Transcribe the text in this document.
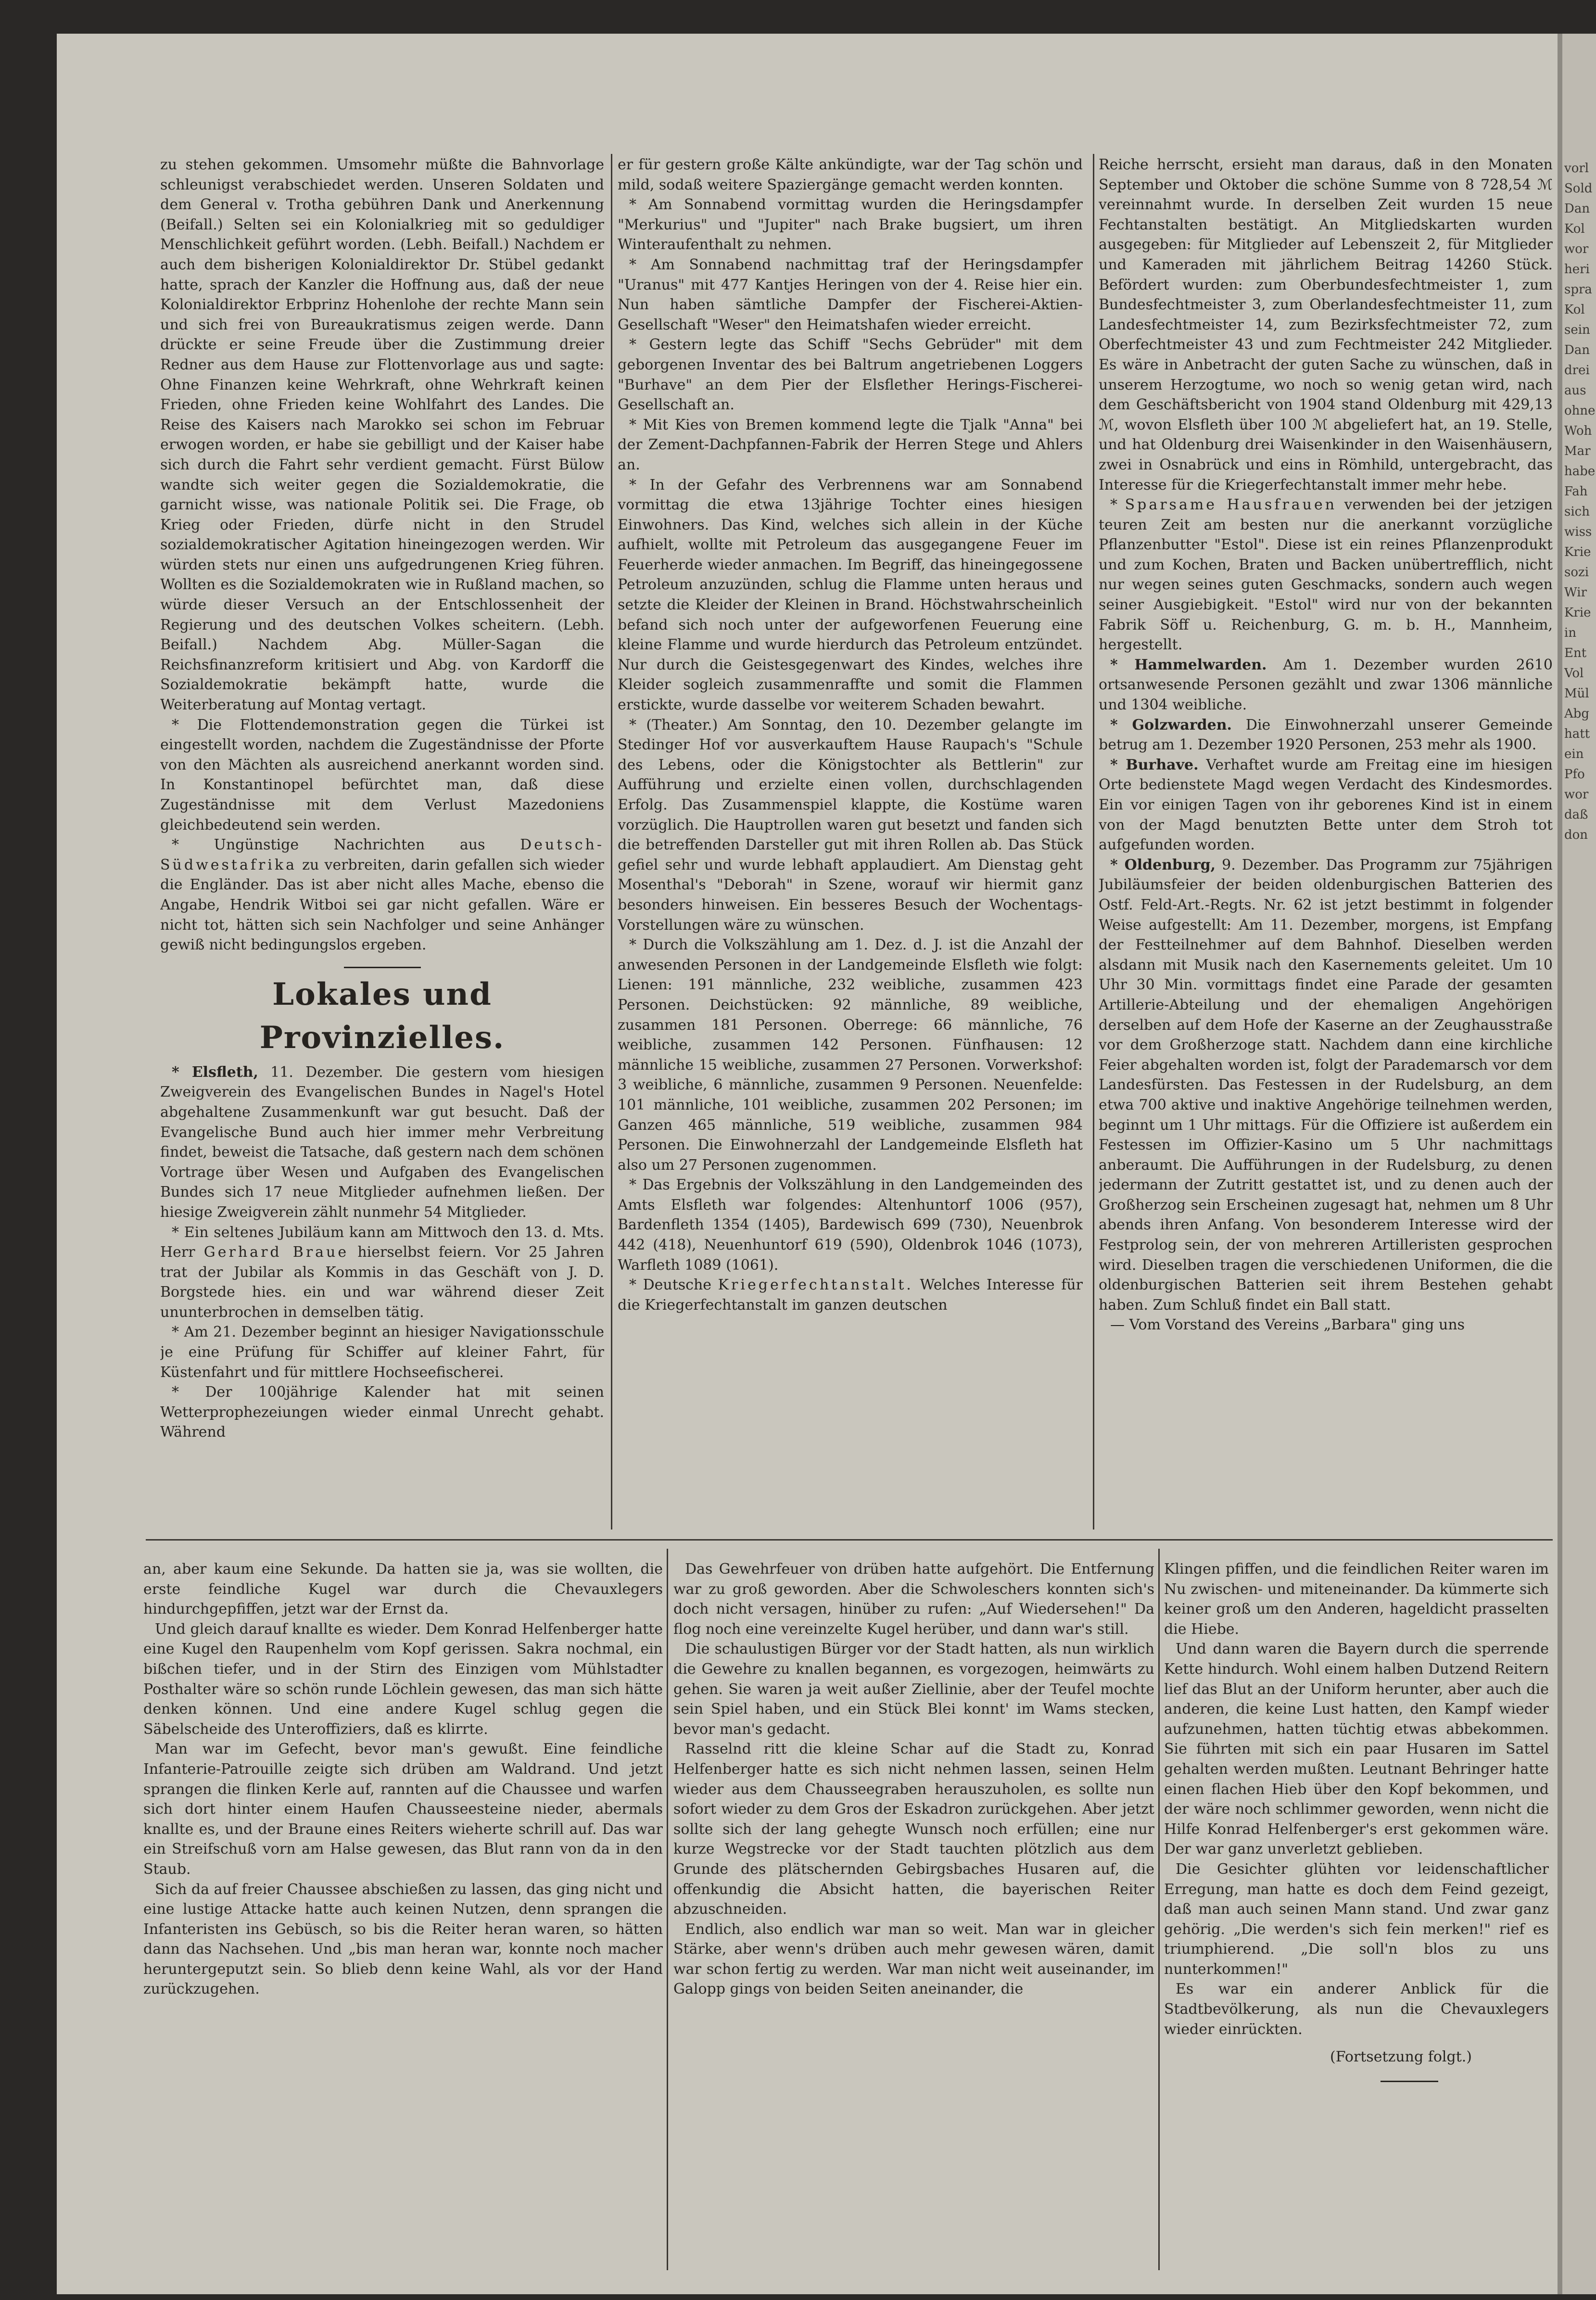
zu stehen gekommen. Umsomehr müßte die Bahnvorlage schleunigst verabschiedet werden. Unseren Soldaten und dem General v. Trotha gebühren Dank und Anerkennung (Beifall.) Selten sei ein Kolonialkrieg mit so geduldiger Menschlichkeit geführt worden. (Lebh. Beifall.) Nachdem er auch dem bisherigen Kolonialdirektor Dr. Stübel gedankt hatte, sprach der Kanzler die Hoffnung aus, daß der neue Kolonialdirektor Erbprinz Hohenlohe der rechte Mann sein und sich frei von Bureaukratismus zeigen werde. Dann drückte er seine Freude über die Zustimmung dreier Redner aus dem Hause zur Flottenvorlage aus und sagte: Ohne Finanzen keine Wehrkraft, ohne Wehrkraft keinen Frieden, ohne Frieden keine Wohlfahrt des Landes. Die Reise des Kaisers nach Marokko sei schon im Februar erwogen worden, er habe sie gebilligt und der Kaiser habe sich durch die Fahrt sehr verdient gemacht. Fürst Bülow wandte sich weiter gegen die Sozialdemokratie, die garnicht wisse, was nationale Politik sei. Die Frage, ob Krieg oder Frieden, dürfe nicht in den Strudel sozialdemokratischer Agitation hineingezogen werden. Wir würden stets nur einen uns aufgedrungenen Krieg führen. Wollten es die Sozialdemokraten wie in Rußland machen, so würde dieser Versuch an der Entschlossenheit der Regierung und des deutschen Volkes scheitern. (Lebh. Beifall.) Nachdem Abg. Müller-Sagan die Reichsfinanzreform kritisiert und Abg. von Kardorff die Sozialdemokratie bekämpft hatte, wurde die Weiterberatung auf Montag vertagt.

* Die Flottendemonstration gegen die Türkei ist eingestellt worden, nachdem die Zugeständnisse der Pforte von den Mächten als ausreichend anerkannt worden sind. In Konstantinopel befürchtet man, daß diese Zugeständnisse mit dem Verlust Mazedoniens gleichbedeutend sein werden.

* Ungünstige Nachrichten aus Deutsch-Südwestafrika zu verbreiten, darin gefallen sich wieder die Engländer. Das ist aber nicht alles Mache, ebenso die Angabe, Hendrik Witboi sei gar nicht gefallen. Wäre er nicht tot, hätten sich sein Nachfolger und seine Anhänger gewiß nicht bedingungslos ergeben.

Lokales und Provinzielles.

* Elsfleth, 11. Dezember. Die gestern vom hiesigen Zweigverein des Evangelischen Bundes in Nagel's Hotel abgehaltene Zusammenkunft war gut besucht. Daß der Evangelische Bund auch hier immer mehr Verbreitung findet, beweist die Tatsache, daß gestern nach dem schönen Vortrage über Wesen und Aufgaben des Evangelischen Bundes sich 17 neue Mitglieder aufnehmen ließen. Der hiesige Zweigverein zählt nunmehr 54 Mitglieder.

* Ein seltenes Jubiläum kann am Mittwoch den 13. d. Mts. Herr Gerhard Braue hierselbst feiern. Vor 25 Jahren trat der Jubilar als Kommis in das Geschäft von J. D. Borgstede hies. ein und war während dieser Zeit ununterbrochen in demselben tätig.

* Am 21. Dezember beginnt an hiesiger Navigationsschule je eine Prüfung für Schiffer auf kleiner Fahrt, für Küstenfahrt und für mittlere Hochseefischerei.

* Der 100jährige Kalender hat mit seinen Wetterprophezeiungen wieder einmal Unrecht gehabt. Während

er für gestern große Kälte ankündigte, war der Tag schön und mild, sodaß weitere Spaziergänge gemacht werden konnten.

* Am Sonnabend vormittag wurden die Heringsdampfer "Merkurius" und "Jupiter" nach Brake bugsiert, um ihren Winteraufenthalt zu nehmen.

* Am Sonnabend nachmittag traf der Heringsdampfer "Uranus" mit 477 Kantjes Heringen von der 4. Reise hier ein. Nun haben sämtliche Dampfer der Fischerei-Aktien-Gesellschaft "Weser" den Heimatshafen wieder erreicht.

* Gestern legte das Schiff "Sechs Gebrüder" mit dem geborgenen Inventar des bei Baltrum angetriebenen Loggers "Burhave" an dem Pier der Elsflether Herings-Fischerei-Gesellschaft an.

* Mit Kies von Bremen kommend legte die Tjalk "Anna" bei der Zement-Dachpfannen-Fabrik der Herren Stege und Ahlers an.

* In der Gefahr des Verbrennens war am Sonnabend vormittag die etwa 13jährige Tochter eines hiesigen Einwohners. Das Kind, welches sich allein in der Küche aufhielt, wollte mit Petroleum das ausgegangene Feuer im Feuerherde wieder anmachen. Im Begriff, das hineingegossene Petroleum anzuzünden, schlug die Flamme unten heraus und setzte die Kleider der Kleinen in Brand. Höchstwahrscheinlich befand sich noch unter der aufgeworfenen Feuerung eine kleine Flamme und wurde hierdurch das Petroleum entzündet. Nur durch die Geistesgegenwart des Kindes, welches ihre Kleider sogleich zusammenraffte und somit die Flammen erstickte, wurde dasselbe vor weiterem Schaden bewahrt.

* (Theater.) Am Sonntag, den 10. Dezember gelangte im Stedinger Hof vor ausverkauftem Hause Raupach's "Schule des Lebens, oder die Königstochter als Bettlerin" zur Aufführung und erzielte einen vollen, durchschlagenden Erfolg. Das Zusammenspiel klappte, die Kostüme waren vorzüglich. Die Hauptrollen waren gut besetzt und fanden sich die betreffenden Darsteller gut mit ihren Rollen ab. Das Stück gefiel sehr und wurde lebhaft applaudiert. Am Dienstag geht Mosenthal's "Deborah" in Szene, worauf wir hiermit ganz besonders hinweisen. Ein besseres Besuch der Wochentags-Vorstellungen wäre zu wünschen.

* Durch die Volkszählung am 1. Dez. d. J. ist die Anzahl der anwesenden Personen in der Landgemeinde Elsfleth wie folgt: Lienen: 191 männliche, 232 weibliche, zusammen 423 Personen. Deichstücken: 92 männliche, 89 weibliche, zusammen 181 Personen. Oberrege: 66 männliche, 76 weibliche, zusammen 142 Personen. Fünfhausen: 12 männliche 15 weibliche, zusammen 27 Personen. Vorwerkshof: 3 weibliche, 6 männliche, zusammen 9 Personen. Neuenfelde: 101 männliche, 101 weibliche, zusammen 202 Personen; im Ganzen 465 männliche, 519 weibliche, zusammen 984 Personen. Die Einwohnerzahl der Landgemeinde Elsfleth hat also um 27 Personen zugenommen.

* Das Ergebnis der Volkszählung in den Landgemeinden des Amts Elsfleth war folgendes: Altenhuntorf 1006 (957), Bardenfleth 1354 (1405), Bardewisch 699 (730), Neuenbrok 442 (418), Neuenhuntorf 619 (590), Oldenbrok 1046 (1073), Warfleth 1089 (1061).

* Deutsche Kriegerfechtanstalt. Welches Interesse für die Kriegerfechtanstalt im ganzen deutschen

Reiche herrscht, ersieht man daraus, daß in den Monaten September und Oktober die schöne Summe von 8 728,54 ℳ vereinnahmt wurde. In derselben Zeit wurden 15 neue Fechtanstalten bestätigt. An Mitgliedskarten wurden ausgegeben: für Mitglieder auf Lebenszeit 2, für Mitglieder und Kameraden mit jährlichem Beitrag 14260 Stück. Befördert wurden: zum Oberbundesfechtmeister 1, zum Bundesfechtmeister 3, zum Oberlandesfechtmeister 11, zum Landesfechtmeister 14, zum Bezirksfechtmeister 72, zum Oberfechtmeister 43 und zum Fechtmeister 242 Mitglieder. Es wäre in Anbetracht der guten Sache zu wünschen, daß in unserem Herzogtume, wo noch so wenig getan wird, nach dem Geschäftsbericht von 1904 stand Oldenburg mit 429,13 ℳ, wovon Elsfleth über 100 ℳ abgeliefert hat, an 19. Stelle, und hat Oldenburg drei Waisenkinder in den Waisenhäusern, zwei in Osnabrück und eins in Römhild, untergebracht, das Interesse für die Kriegerfechtanstalt immer mehr hebe.

* Sparsame Hausfrauen verwenden bei der jetzigen teuren Zeit am besten nur die anerkannt vorzügliche Pflanzenbutter "Estol". Diese ist ein reines Pflanzenprodukt und zum Kochen, Braten und Backen unübertrefflich, nicht nur wegen seines guten Geschmacks, sondern auch wegen seiner Ausgiebigkeit. "Estol" wird nur von der bekannten Fabrik Söff u. Reichenburg, G. m. b. H., Mannheim, hergestellt.

* Hammelwarden. Am 1. Dezember wurden 2610 ortsanwesende Personen gezählt und zwar 1306 männliche und 1304 weibliche.

* Golzwarden. Die Einwohnerzahl unserer Gemeinde betrug am 1. Dezember 1920 Personen, 253 mehr als 1900.

* Burhave. Verhaftet wurde am Freitag eine im hiesigen Orte bedienstete Magd wegen Verdacht des Kindesmordes. Ein vor einigen Tagen von ihr geborenes Kind ist in einem von der Magd benutzten Bette unter dem Stroh tot aufgefunden worden.

* Oldenburg, 9. Dezember. Das Programm zur 75jährigen Jubiläumsfeier der beiden oldenburgischen Batterien des Ostf. Feld-Art.-Regts. Nr. 62 ist jetzt bestimmt in folgender Weise aufgestellt: Am 11. Dezember, morgens, ist Empfang der Festteilnehmer auf dem Bahnhof. Dieselben werden alsdann mit Musik nach den Kasernements geleitet. Um 10 Uhr 30 Min. vormittags findet eine Parade der gesamten Artillerie-Abteilung und der ehemaligen Angehörigen derselben auf dem Hofe der Kaserne an der Zeughausstraße vor dem Großherzoge statt. Nachdem dann eine kirchliche Feier abgehalten worden ist, folgt der Parademarsch vor dem Landesfürsten. Das Festessen in der Rudelsburg, an dem etwa 700 aktive und inaktive Angehörige teilnehmen werden, beginnt um 1 Uhr mittags. Für die Offiziere ist außerdem ein Festessen im Offizier-Kasino um 5 Uhr nachmittags anberaumt. Die Aufführungen in der Rudelsburg, zu denen jedermann der Zutritt gestattet ist, und zu denen auch der Großherzog sein Erscheinen zugesagt hat, nehmen um 8 Uhr abends ihren Anfang. Von besonderem Interesse wird der Festprolog sein, der von mehreren Artilleristen gesprochen wird. Dieselben tragen die verschiedenen Uniformen, die die oldenburgischen Batterien seit ihrem Bestehen gehabt haben. Zum Schluß findet ein Ball statt.

— Vom Vorstand des Vereins „Barbara" ging uns

an, aber kaum eine Sekunde. Da hatten sie ja, was sie wollten, die erste feindliche Kugel war durch die Chevauxlegers hindurchgepfiffen, jetzt war der Ernst da.

Und gleich darauf knallte es wieder. Dem Konrad Helfenberger hatte eine Kugel den Raupenhelm vom Kopf gerissen. Sakra nochmal, ein bißchen tiefer, und in der Stirn des Einzigen vom Mühlstadter Posthalter wäre so schön runde Löchlein gewesen, das man sich hätte denken können. Und eine andere Kugel schlug gegen die Säbelscheide des Unteroffiziers, daß es klirrte.

Man war im Gefecht, bevor man's gewußt. Eine feindliche Infanterie-Patrouille zeigte sich drüben am Waldrand. Und jetzt sprangen die flinken Kerle auf, rannten auf die Chaussee und warfen sich dort hinter einem Haufen Chausseesteine nieder, abermals knallte es, und der Braune eines Reiters wieherte schrill auf. Das war ein Streifschuß vorn am Halse gewesen, das Blut rann von da in den Staub.

Sich da auf freier Chaussee abschießen zu lassen, das ging nicht und eine lustige Attacke hatte auch keinen Nutzen, denn sprangen die Infanteristen ins Gebüsch, so bis die Reiter heran waren, so hätten dann das Nachsehen. Und „bis man heran war, konnte noch macher heruntergeputzt sein. So blieb denn keine Wahl, als vor der Hand zurückzugehen.

Das Gewehrfeuer von drüben hatte aufgehört. Die Entfernung war zu groß geworden. Aber die Schwoleschers konnten sich's doch nicht versagen, hinüber zu rufen: „Auf Wiedersehen!" Da flog noch eine vereinzelte Kugel herüber, und dann war's still.

Die schaulustigen Bürger vor der Stadt hatten, als nun wirklich die Gewehre zu knallen begannen, es vorgezogen, heimwärts zu gehen. Sie waren ja weit außer Ziellinie, aber der Teufel mochte sein Spiel haben, und ein Stück Blei konnt' im Wams stecken, bevor man's gedacht.

Rasselnd ritt die kleine Schar auf die Stadt zu, Konrad Helfenberger hatte es sich nicht nehmen lassen, seinen Helm wieder aus dem Chausseegraben herauszuholen, es sollte nun sofort wieder zu dem Gros der Eskadron zurückgehen. Aber jetzt sollte sich der lang gehegte Wunsch noch erfüllen; eine nur kurze Wegstrecke vor der Stadt tauchten plötzlich aus dem Grunde des plätschernden Gebirgsbaches Husaren auf, die offenkundig die Absicht hatten, die bayerischen Reiter abzuschneiden.

Endlich, also endlich war man so weit. Man war in gleicher Stärke, aber wenn's drüben auch mehr gewesen wären, damit war schon fertig zu werden. War man nicht weit auseinander, im Galopp gings von beiden Seiten aneinander, die

Klingen pfiffen, und die feindlichen Reiter waren im Nu zwischen- und miteneinander. Da kümmerte sich keiner groß um den Anderen, hageldicht prasselten die Hiebe.

Und dann waren die Bayern durch die sperrende Kette hindurch. Wohl einem halben Dutzend Reitern lief das Blut an der Uniform herunter, aber auch die anderen, die keine Lust hatten, den Kampf wieder aufzunehmen, hatten tüchtig etwas abbekommen. Sie führten mit sich ein paar Husaren im Sattel gehalten werden mußten. Leutnant Behringer hatte einen flachen Hieb über den Kopf bekommen, und der wäre noch schlimmer geworden, wenn nicht die Hilfe Konrad Helfenberger's erst gekommen wäre. Der war ganz unverletzt geblieben.

Die Gesichter glühten vor leidenschaftlicher Erregung, man hatte es doch dem Feind gezeigt, daß man auch seinen Mann stand. Und zwar ganz gehörig. „Die werden's sich fein merken!" rief es triumphierend. „Die soll'n blos zu uns nunterkommen!"

Es war ein anderer Anblick für die Stadtbevölkerung, als nun die Chevauxlegers wieder einrückten.

(Fortsetzung folgt.)
vorl
Sold
Dan
Kol
wor
heri
spra
Kol
sein
Dan
drei
aus
ohne
Woh
Mar
habe
Fah
sich
wiss
Krie
sozi
Wir
Krie
in
Ent
Vol
Mül
Abg
hatt
ein
Pfo
wor
daß
don
